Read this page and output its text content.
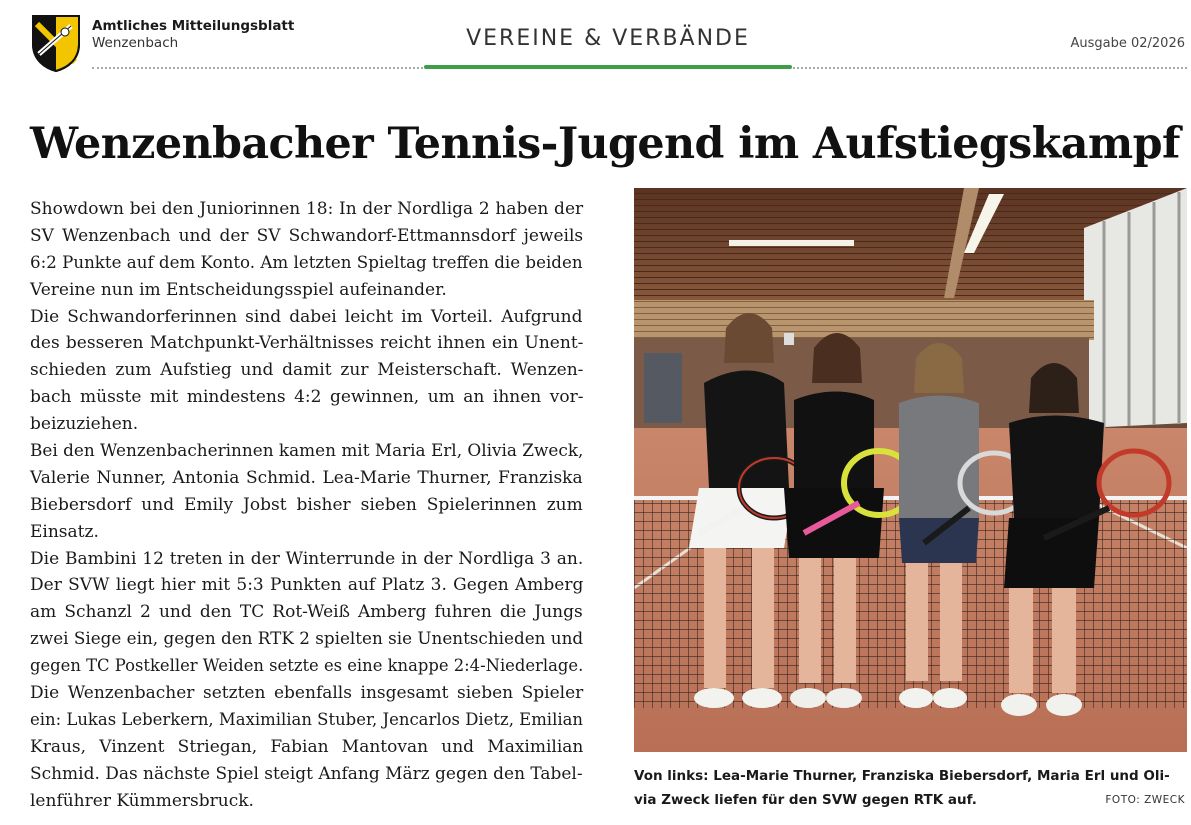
Amtliches Mitteilungsblatt
Wenzenbach	VEREINE & VERBÄNDE	Ausgabe 02/2026
Wenzenbacher Tennis-Jugend im Aufstiegskampf
Showdown bei den Juniorinnen 18: In der Nordliga 2 haben der
SV Wenzenbach und der SV Schwandorf-Ettmannsdorf jeweils
6:2 Punkte auf dem Konto. Am letzten Spieltag treffen die beiden
Vereine nun im Entscheidungsspiel aufeinander.
Die Schwandorferinnen sind dabei leicht im Vorteil. Aufgrund
des besseren Matchpunkt-Verhältnisses reicht ihnen ein Unent-
schieden zum Aufstieg und damit zur Meisterschaft. Wenzen-
bach müsste mit mindestens 4:2 gewinnen, um an ihnen vor-
beizuziehen.
Bei den Wenzenbacherinnen kamen mit Maria Erl, Olivia Zweck,
Valerie Nunner, Antonia Schmid. Lea-Marie Thurner, Franziska
Biebersdorf und Emily Jobst bisher sieben Spielerinnen zum
Einsatz.
Die Bambini 12 treten in der Winterrunde in der Nordliga 3 an.
Der SVW liegt hier mit 5:3 Punkten auf Platz 3. Gegen Amberg
am Schanzl 2 und den TC Rot-Weiß Amberg fuhren die Jungs
zwei Siege ein, gegen den RTK 2 spielten sie Unentschieden und
gegen TC Postkeller Weiden setzte es eine knappe 2:4-Niederlage.
Die Wenzenbacher setzten ebenfalls insgesamt sieben Spieler
ein: Lukas Leberkern, Maximilian Stuber, Jencarlos Dietz, Emilian
Kraus, Vinzent Striegan, Fabian Mantovan und Maximilian
Schmid. Das nächste Spiel steigt Anfang März gegen den Tabel-
lenführer Kümmersbruck.
Von links: Lea-Marie Thurner, Franziska Biebersdorf, Maria Erl und Oli-
via Zweck liefen für den SVW gegen RTK auf.	FOTO: ZWECK
